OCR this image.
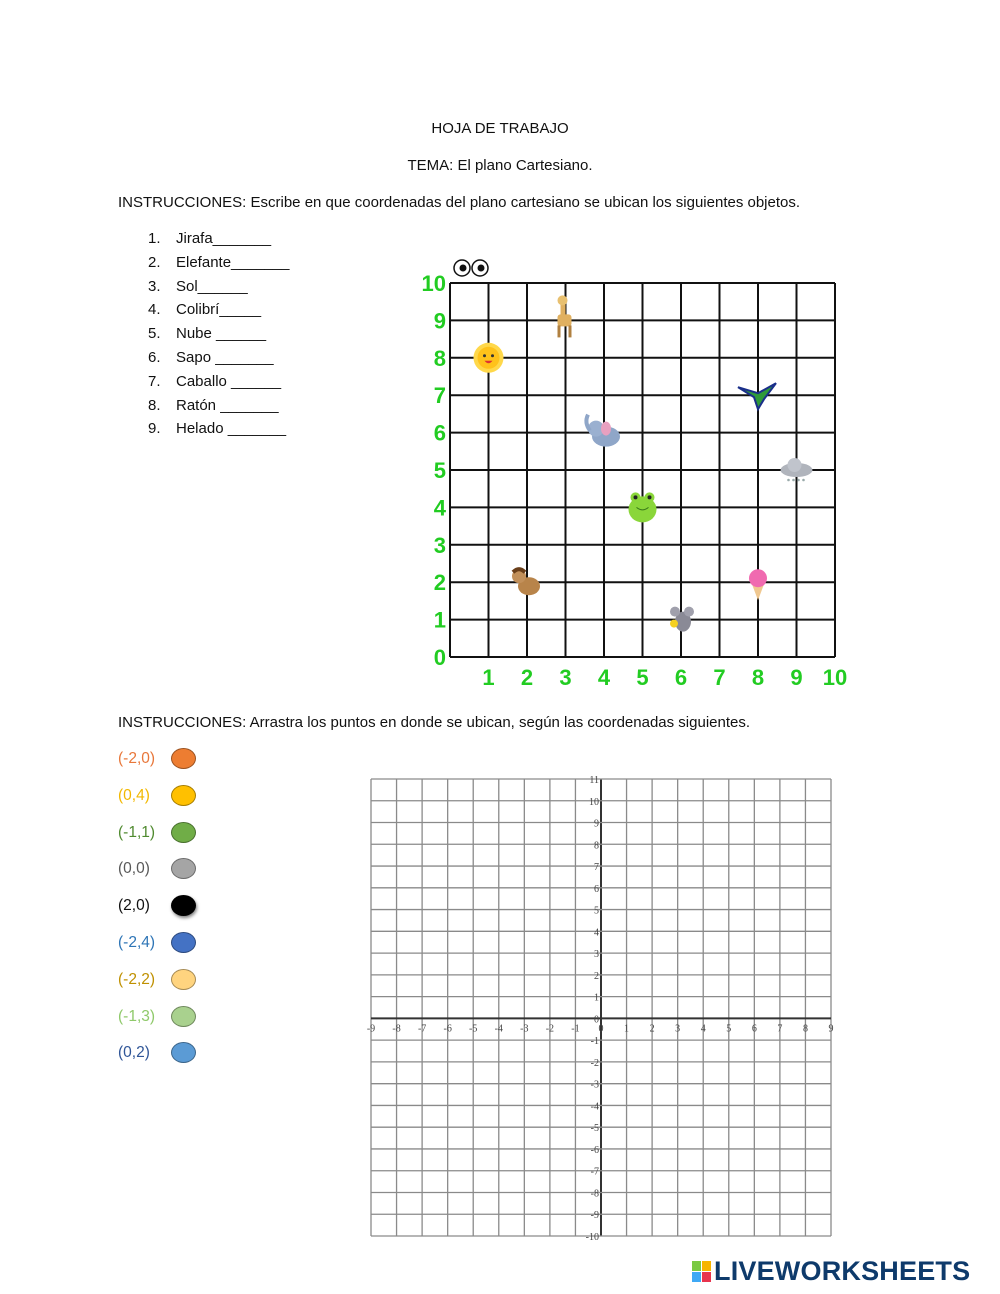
HOJA DE TRABAJO
TEMA: El plano Cartesiano.
INSTRUCCIONES: Escribe en que coordenadas del plano cartesiano se ubican los siguientes objetos.
1. Jirafa_______
2. Elefante_______
3. Sol______
4. Colibrí_____
5. Nube ______
6. Sapo _______
7. Caballo ______
8. Ratón _______
9. Helado _______
1 2 3 4 5 6 7 8 9 10
0
1
2
3
4
5
6
7
8
9
10
-9 -8 -7 -6 -5 -4 -3 -2 -1 0 1 2 3 4 5 6 7 8 9
-10
-9
-8
-7
-6
-5
-4
-3
-2
-1
0
1
2
3
4
5
6
7
8
9
10
11
INSTRUCCIONES: Arrastra los puntos en donde se ubican, según las coordenadas siguientes.
(-2,0)
(0,4)
(-1,1)
(0,0)
(2,0)
(-2,4)
(-2,2)
(-1,3)
(0,2)
LIVEWORKSHEETS
